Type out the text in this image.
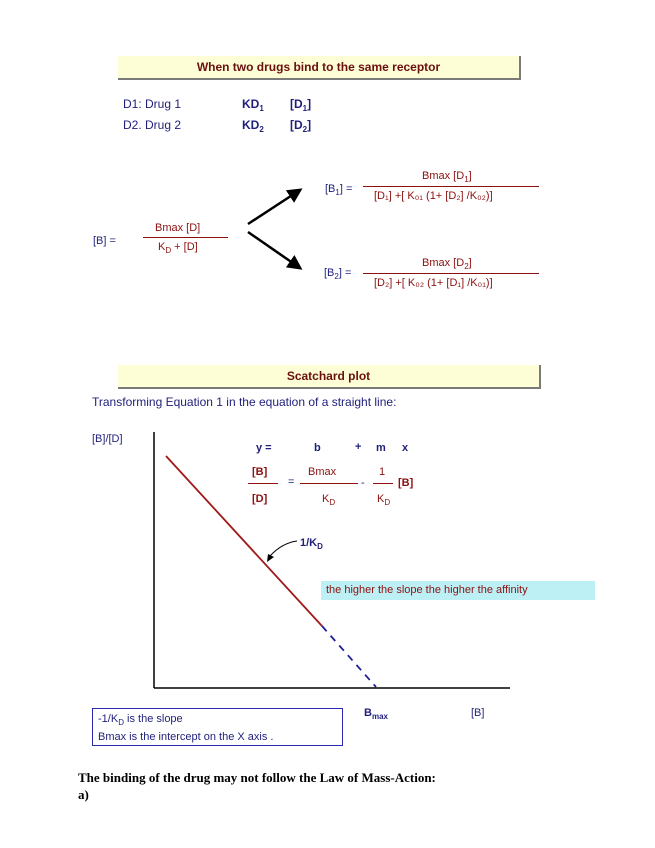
When two drugs bind to the same receptor
D1: Drug 1	$KD_1$ $[D_1]$
D2. Drug 2	$KD_2$ $[D_2]$
[B] =
Bmax [D]
$K_D + [D]$
$[B_1]$ =
Bmax $[D_1]$
[D₁] +[ K₀₁ (1+ [D₂] /K₀₂)]
$[B_2]$ =
Bmax $[D_2]$
[D₂] +[ K₀₂ (1+ [D₁] /K₀₁)]
Scatchard plot
Transforming Equation 1 in the equation of a straight line:
[B]/[D]
y =	b	+ m x
[B]
[D]
=
Bmax
$K_D$
-
1
$K_D$
[B]
$1/K_D$
the higher the slope the higher the affinity
$B_{max}$	[B]
$-1/K_D$ is the slope
Bmax is the intercept on the X axis .
The binding of the drug may not follow the Law of Mass-Action:
a)
